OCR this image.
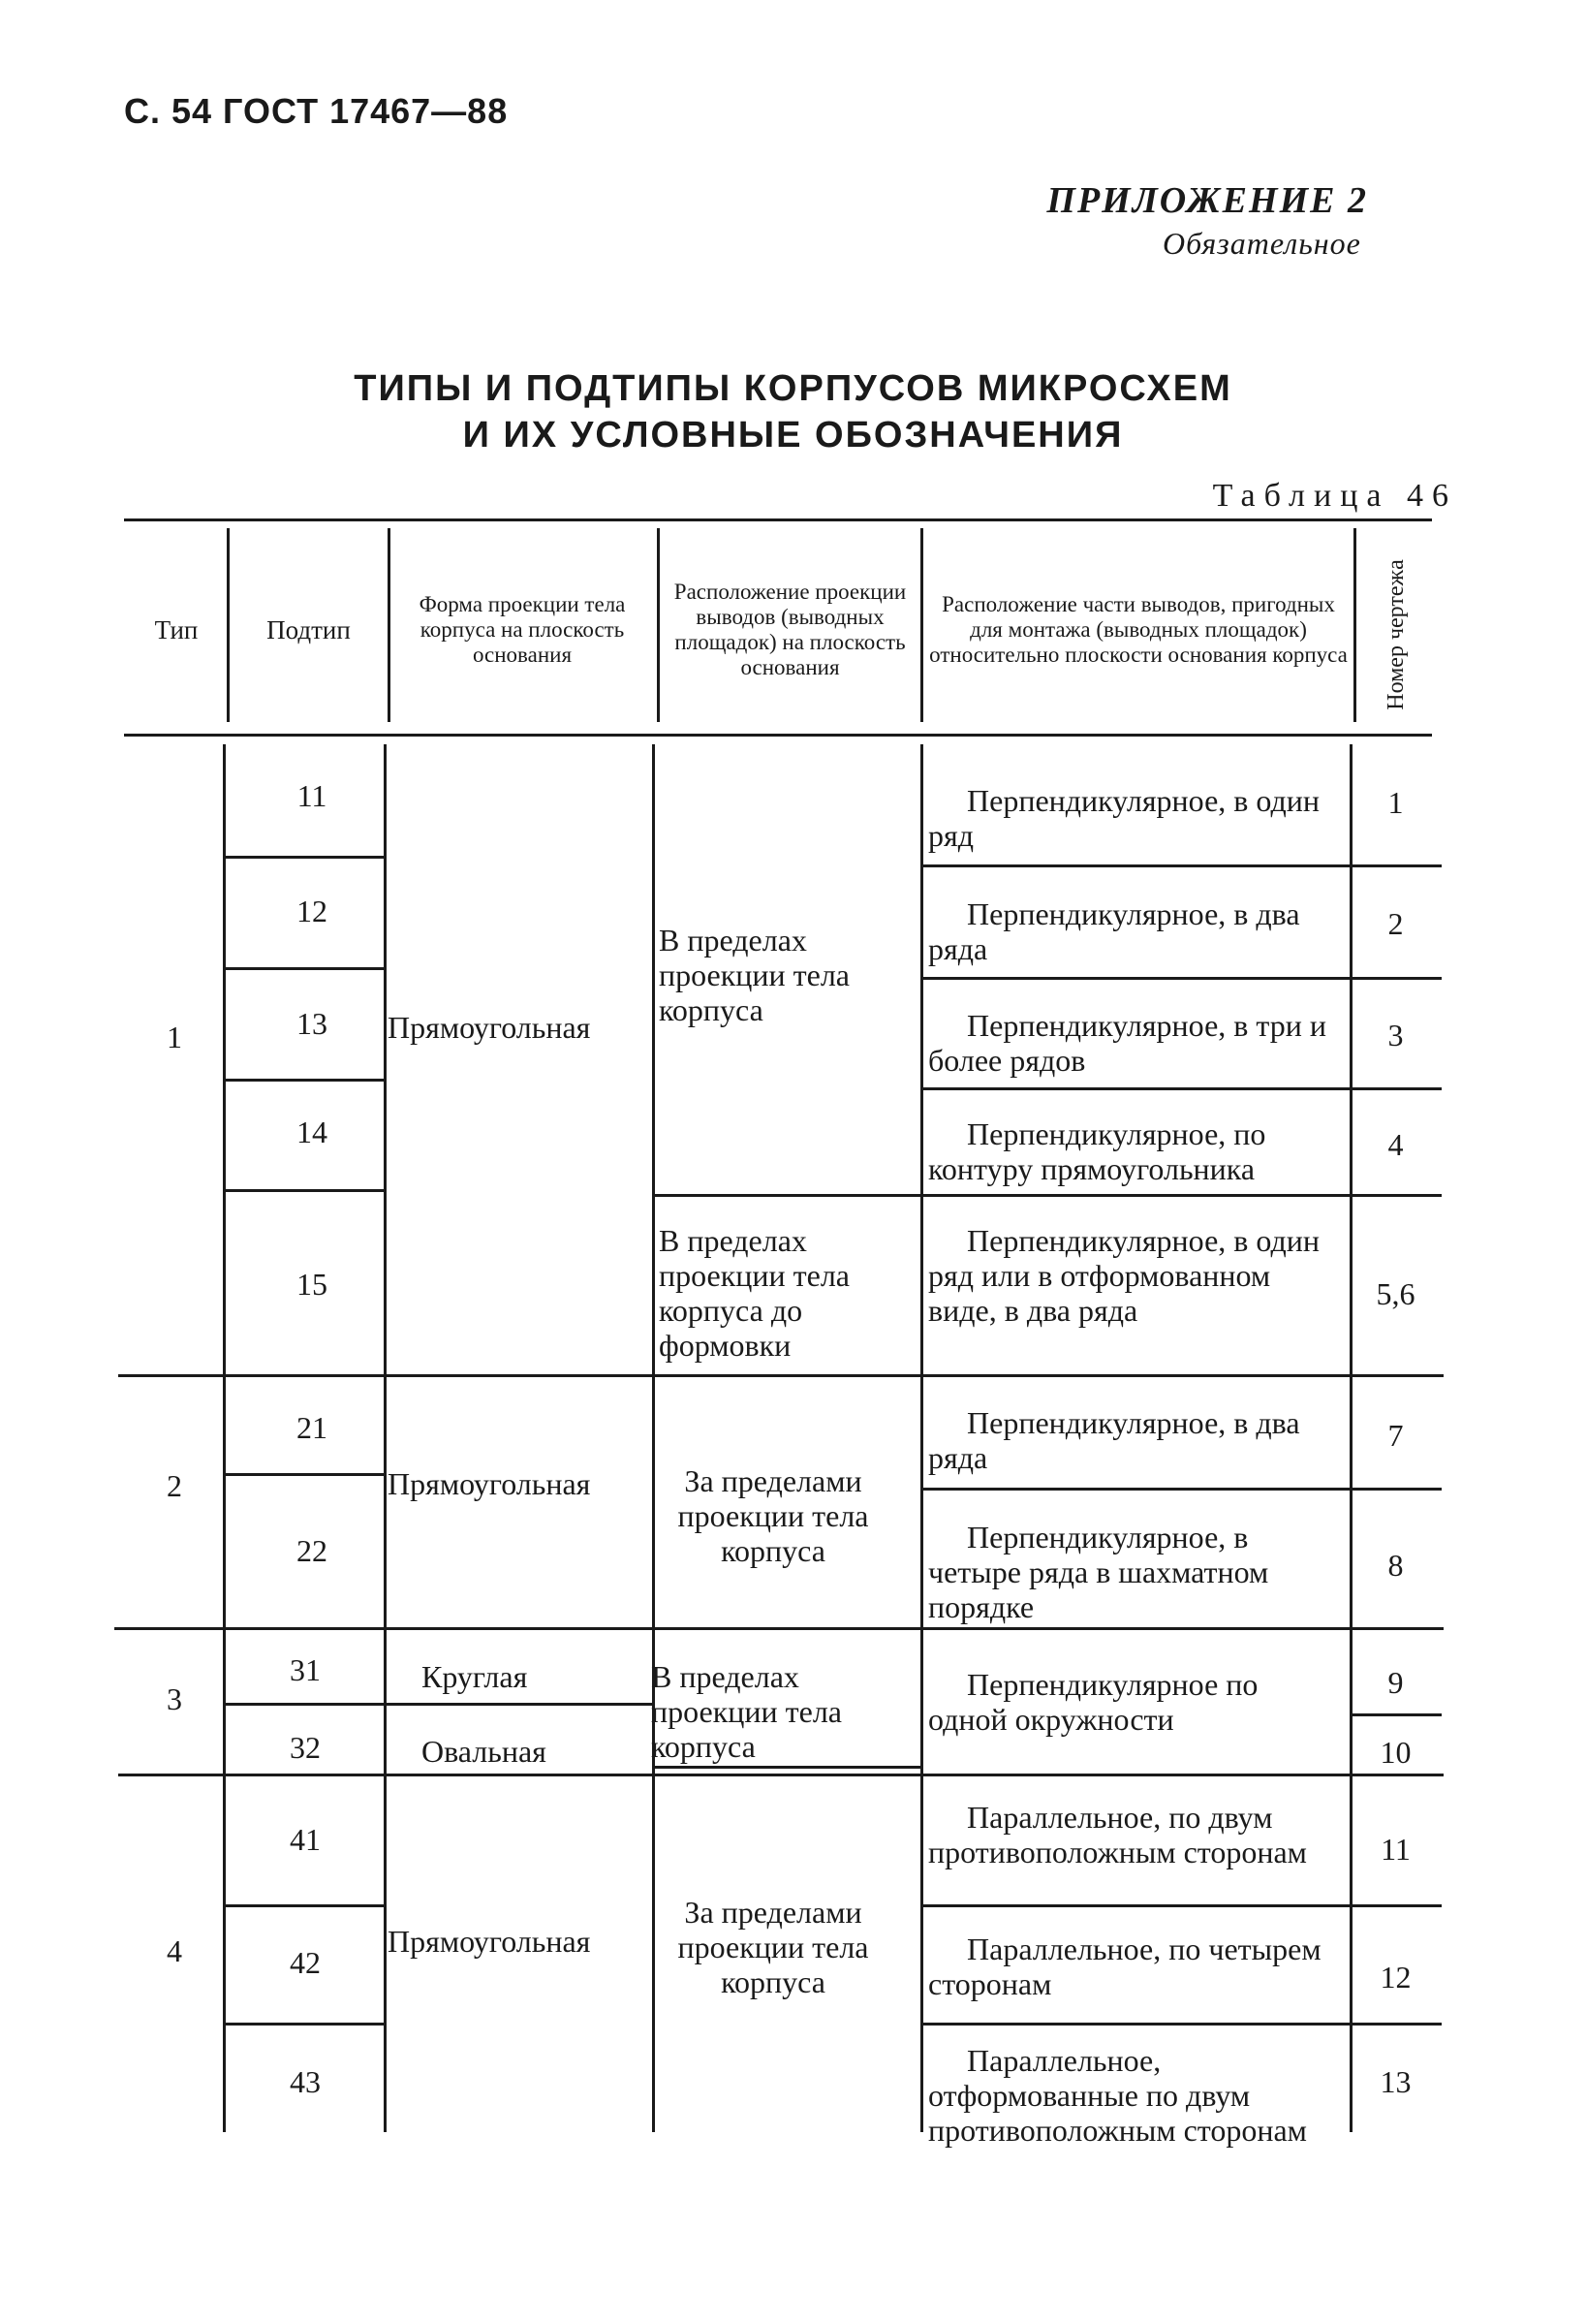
С. 54 ГОСТ 17467—88
ПРИЛОЖЕНИЕ 2
Обязательное
ТИПЫ И ПОДТИПЫ КОРПУСОВ МИКРОСХЕМ
И ИХ УСЛОВНЫЕ ОБОЗНАЧЕНИЯ
Таблица 46
Тип	Подтип
Форма проекции тела корпуса на плоскость основания
Расположение проекции выводов (выводных площадок) на плоскость основания
Расположение части выводов, пригодных для монтажа (выводных площадок) относительно плоскости основания корпуса Номер чертежа
1
2
3
4
11
12
13
14
15
21
22
31
32
41
42
43
Прямоугольная
Прямоугольная
Круглая
Овальная
Прямоугольная
В пределах проекции тела корпуса
В пределах проекции тела корпуса до формовки
За пределами проекции тела корпуса
В пределах проекции тела корпуса
За пределами проекции тела корпуса
Перпендикулярное, в один ряд
Перпендикулярное, в два ряда
Перпендикулярное, в три и более рядов
Перпендикулярное, по контуру прямоугольника
Перпендикулярное, в один ряд или в отформованном виде, в два ряда
Перпендикулярное, в два ряда
Перпендикулярное, в четыре ряда в шахматном порядке
Перпендикулярное по одной окружности
Параллельное, по двум противоположным сторонам
Параллельное, по четырем сторонам
Параллельное, отформованные по двум противоположным сторонам
1
2
3
4
5,6
7
8
9
10
11
12
13
